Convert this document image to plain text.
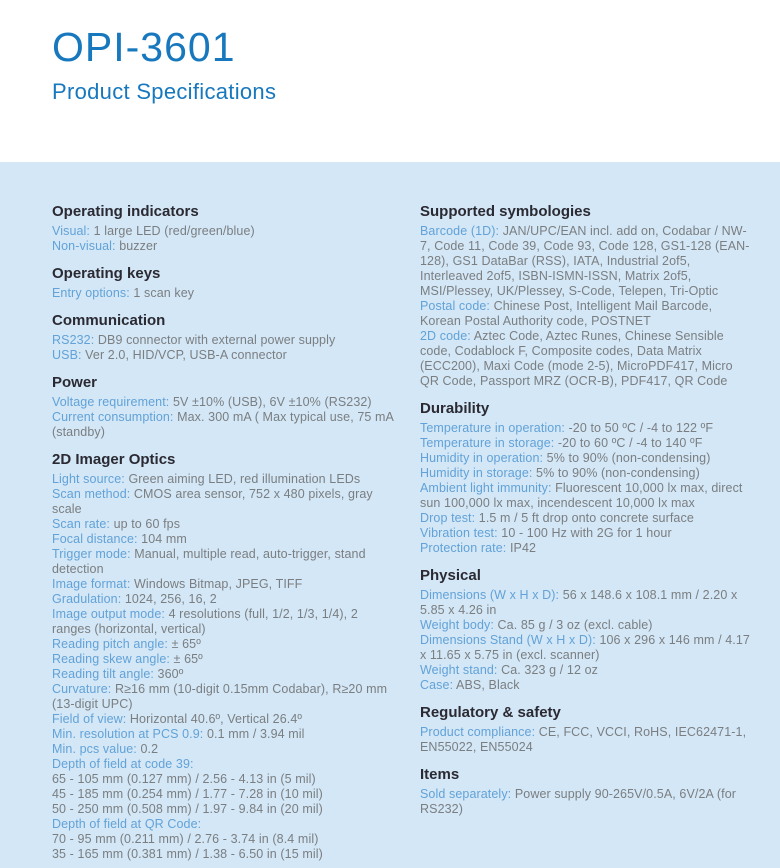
OPI-3601
Product Specifications
Operating indicators

Visual: 1 large LED (red/green/blue)

Non-visual: buzzer

Operating keys

Entry options: 1 scan key

Communication

RS232: DB9 connector with external power supply

USB: Ver 2.0, HID/VCP, USB-A connector

Power

Voltage requirement: 5V ±10% (USB), 6V ±10% (RS232)

Current consumption: Max. 300 mA ( Max typical use, 75 mA (standby)

2D Imager Optics

Light source: Green aiming LED, red illumination LEDs

Scan method: CMOS area sensor, 752 x 480 pixels, gray scale

Scan rate: up to 60 fps

Focal distance: 104 mm

Trigger mode: Manual, multiple read, auto-trigger, stand detection

Image format: Windows Bitmap, JPEG, TIFF

Gradulation: 1024, 256, 16, 2

Image output mode: 4 resolutions (full, 1/2, 1/3, 1/4), 2 ranges (horizontal, vertical)

Reading pitch angle: ± 65º

Reading skew angle: ± 65º

Reading tilt angle: 360º

Curvature: R≥16 mm (10-digit 0.15mm Codabar), R≥20 mm (13-digit UPC)

Field of view: Horizontal 40.6º, Vertical 26.4º

Min. resolution at PCS 0.9: 0.1 mm / 3.94 mil

Min. pcs value: 0.2

Depth of field at code 39:

65 - 105 mm (0.127 mm) / 2.56 - 4.13 in (5 mil)

45 - 185 mm (0.254 mm) / 1.77 - 7.28 in (10 mil)

50 - 250 mm (0.508 mm) / 1.97 - 9.84 in (20 mil)

Depth of field at QR Code:

70 - 95 mm (0.211 mm) / 2.76 - 3.74 in (8.4 mil)

35 - 165 mm (0.381 mm) / 1.38 - 6.50 in (15 mil)

Supported symbologies

Barcode (1D): JAN/UPC/EAN incl. add on, Codabar / NW-7, Code 11, Code 39, Code 93, Code 128, GS1-128 (EAN-128), GS1 DataBar (RSS), IATA, Industrial 2of5, Interleaved 2of5, ISBN-ISMN-ISSN, Matrix 2of5, MSI/Plessey, UK/Plessey, S-Code, Telepen, Tri-Optic

Postal code: Chinese Post, Intelligent Mail Barcode, Korean Postal Authority code, POSTNET

2D code: Aztec Code, Aztec Runes, Chinese Sensible code, Codablock F, Composite codes, Data Matrix (ECC200), Maxi Code (mode 2-5), MicroPDF417, Micro QR Code, Passport MRZ (OCR-B), PDF417, QR Code

Durability

Temperature in operation: -20 to 50 ºC / -4 to 122 ºF

Temperature in storage: -20 to 60 ºC / -4 to 140 ºF

Humidity in operation: 5% to 90% (non-condensing)

Humidity in storage: 5% to 90% (non-condensing)

Ambient light immunity: Fluorescent 10,000 lx max, direct sun 100,000 lx max, incendescent 10,000 lx max

Drop test: 1.5 m / 5 ft drop onto concrete surface

Vibration test: 10 - 100 Hz with 2G for 1 hour

Protection rate: IP42

Physical

Dimensions (W x H x D): 56 x 148.6 x 108.1 mm / 2.20 x 5.85 x 4.26 in

Weight body: Ca. 85 g / 3 oz (excl. cable)

Dimensions Stand (W x H x D): 106 x 296 x 146 mm / 4.17 x 11.65 x 5.75 in (excl. scanner)

Weight stand: Ca. 323 g / 12 oz

Case: ABS, Black

Regulatory & safety

Product compliance: CE, FCC, VCCI, RoHS, IEC62471-1, EN55022, EN55024

Items

Sold separately: Power supply 90-265V/0.5A, 6V/2A (for RS232)
